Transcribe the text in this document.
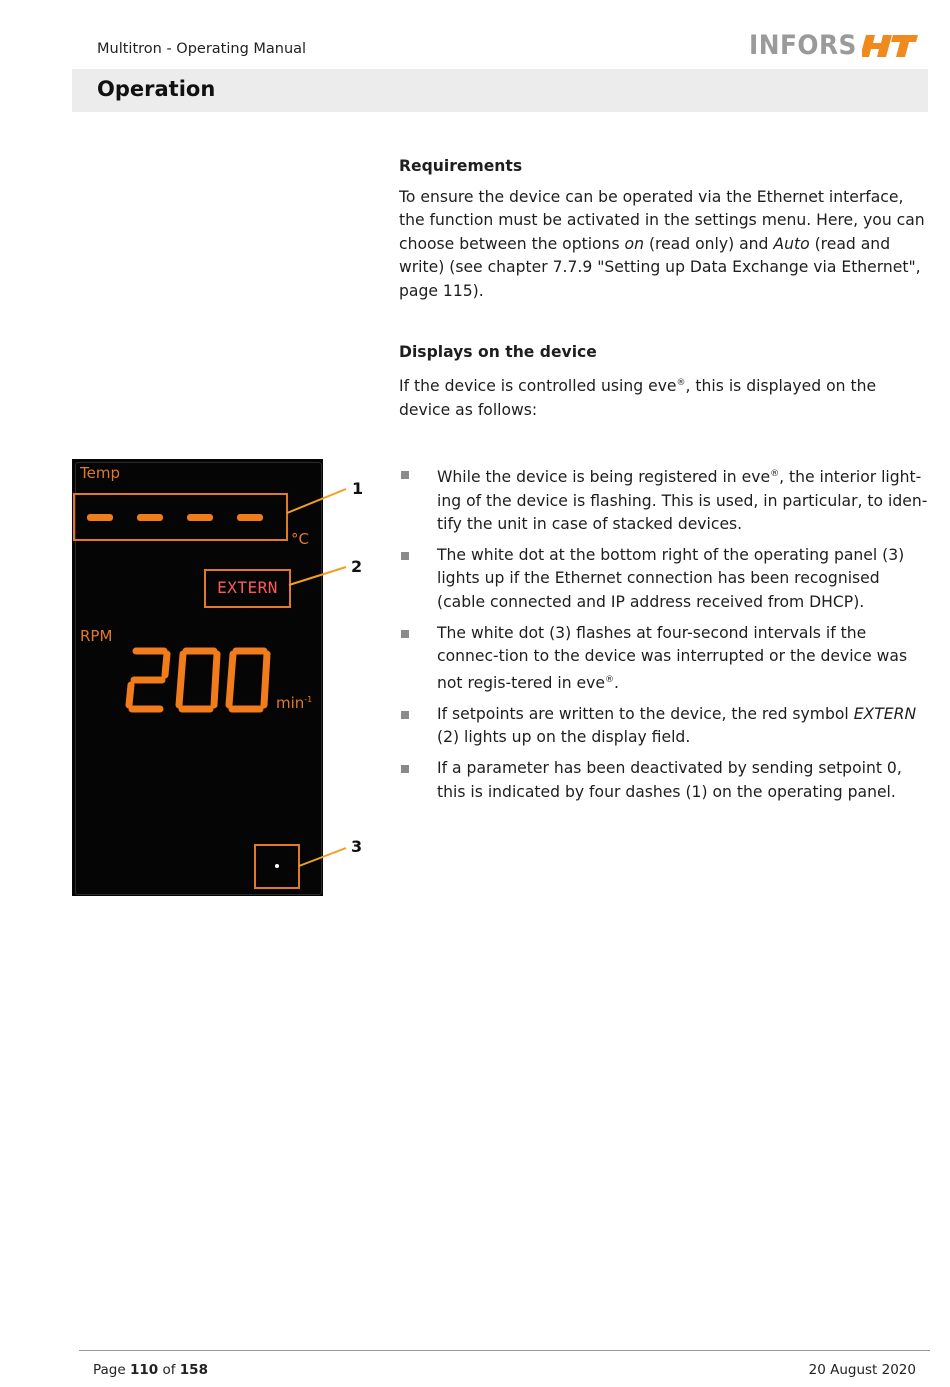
Multitron - Operating Manual	INFORS
Operation

Requirements

To ensure the device can be operated via the Ethernet interface, the function must be activated in the settings menu. Here, you can choose between the options on (read only) and Auto (read and write) (see chapter 7.7.9 "Setting up Data Exchange via Ethernet", page 115).

Displays on the device

If the device is controlled using eve®, this is displayed on the device as follows:

While the device is being registered in eve®, the interior light-ing of the device is flashing. This is used, in particular, to iden-tify the unit in case of stacked devices.
The white dot at the bottom right of the operating panel (3) lights up if the Ethernet connection has been recognised (cable connected and IP address received from DHCP).
The white dot (3) flashes at four-second intervals if the connec-tion to the device was interrupted or the device was not regis-tered in eve®.
If setpoints are written to the device, the red symbol EXTERN (2) lights up on the display field.
If a parameter has been deactivated by sending setpoint 0, this is indicated by four dashes (1) on the operating panel.
Temp
°C
EXTERN
RPM
$\min^{-1}$
1
2
3
Page 110 of 158	20 August 2020
